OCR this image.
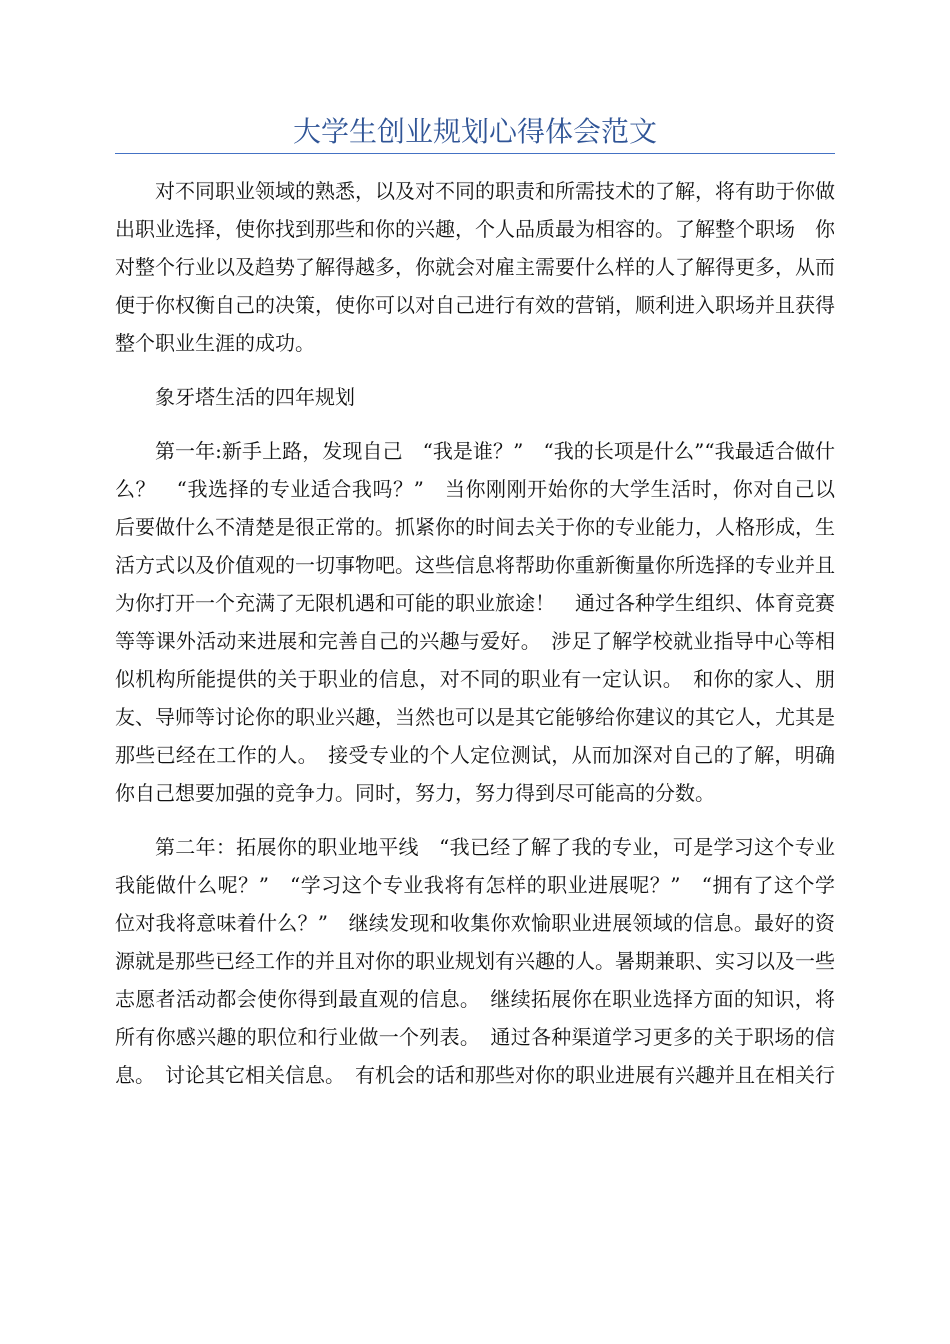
大学生创业规划心得体会范文

对不同职业领域的熟悉，以及对不同的职责和所需技术的了解，将有助于你做出职业选择，使你找到那些和你的兴趣，个人品质最为相容的。了解整个职场　你对整个行业以及趋势了解得越多，你就会对雇主需要什么样的人了解得更多，从而便于你权衡自己的决策，使你可以对自己进行有效的营销，顺利进入职场并且获得整个职业生涯的成功。

象牙塔生活的四年规划

第一年:新手上路，发现自己　“我是谁？”　“我的长项是什么”“我最适合做什么？　“我选择的专业适合我吗？”　当你刚刚开始你的大学生活时，你对自己以后要做什么不清楚是很正常的。抓紧你的时间去关于你的专业能力，人格形成，生活方式以及价值观的一切事物吧。这些信息将帮助你重新衡量你所选择的专业并且为你打开一个充满了无限机遇和可能的职业旅途！　通过各种学生组织、体育竞赛等等课外活动来进展和完善自己的兴趣与爱好。　涉足了解学校就业指导中心等相似机构所能提供的关于职业的信息，对不同的职业有一定认识。　和你的家人、朋友、导师等讨论你的职业兴趣，当然也可以是其它能够给你建议的其它人，尤其是那些已经在工作的人。　接受专业的个人定位测试，从而加深对自己的了解，明确你自己想要加强的竞争力。同时，努力，努力得到尽可能高的分数。

第二年：拓展你的职业地平线　“我已经了解了我的专业，可是学习这个专业我能做什么呢？”　“学习这个专业我将有怎样的职业进展呢？”　“拥有了这个学位对我将意味着什么？”　继续发现和收集你欢愉职业进展领域的信息。最好的资源就是那些已经工作的并且对你的职业规划有兴趣的人。暑期兼职、实习以及一些志愿者活动都会使你得到最直观的信息。　继续拓展你在职业选择方面的知识，将所有你感兴趣的职位和行业做一个列表。　通过各种渠道学习更多的关于职场的信息。　讨论其它相关信息。　有机会的话和那些对你的职业进展有兴趣并且在相关行
